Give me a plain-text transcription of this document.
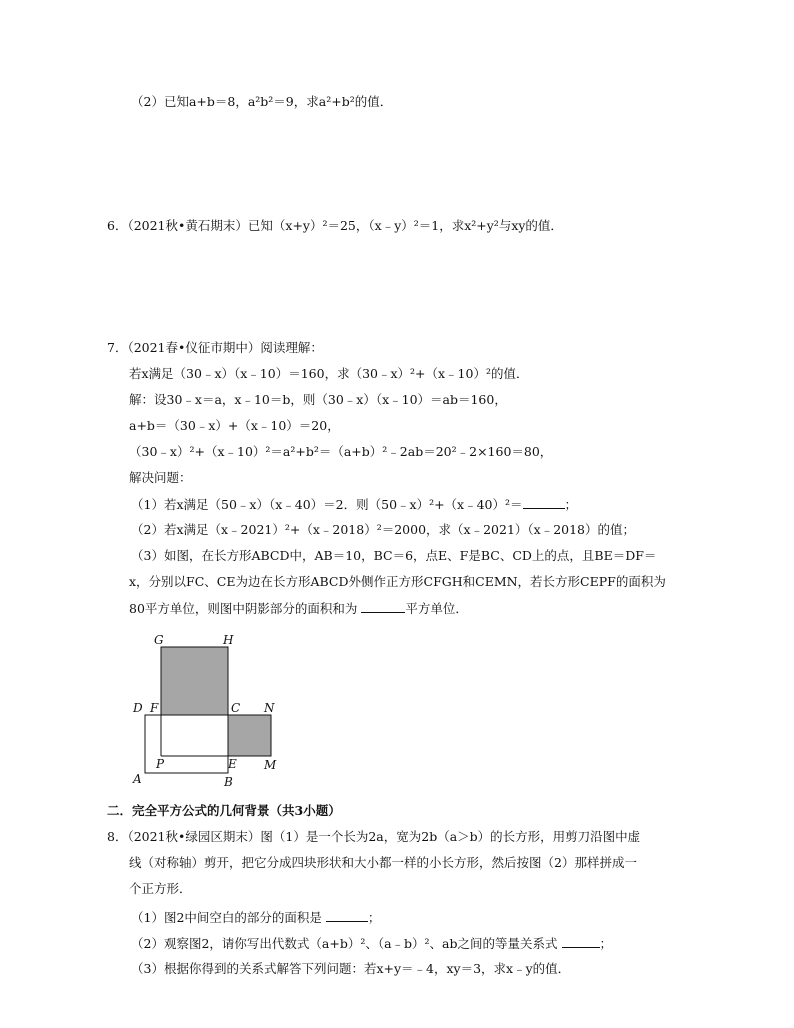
（2）已知a+b＝8，a²b²＝9，求a²+b²的值．
6．（2021秋•黄石期末）已知（x+y）²＝25，（x﹣y）²＝1，求x²+y²与xy的值．
7．（2021春•仪征市期中）阅读理解：
若x满足（30﹣x）（x﹣10）＝160，求（30﹣x）²+（x﹣10）²的值．
解：设30﹣x＝a，x﹣10＝b，则（30﹣x）（x﹣10）＝ab＝160，
a+b＝（30﹣x）+（x﹣10）＝20，
（30﹣x）²+（x﹣10）²＝a²+b²＝（a+b）²﹣2ab＝20²﹣2×160＝80，
解决问题：
（1）若x满足（50﹣x）（x﹣40）＝2．则（50﹣x）²+（x﹣40）²＝	；
（2）若x满足（x﹣2021）²+（x﹣2018）²＝2000，求（x﹣2021）（x﹣2018）的值；
（3）如图，在长方形ABCD中，AB＝10，BC＝6，点E、F是BC、CD上的点，且BE＝DF＝
x，分别以FC、CE为边在长方形ABCD外侧作正方形CFGH和CEMN，若长方形CEPF的面积为
80平方单位，则图中阴影部分的面积和为	平方单位．
G	H
D F	C N
P	E M
A	B
二．完全平方公式的几何背景（共3小题）
8．（2021秋•绿园区期末）图（1）是一个长为2a，宽为2b（a＞b）的长方形，用剪刀沿图中虚
线（对称轴）剪开，把它分成四块形状和大小都一样的小长方形，然后按图（2）那样拼成一
个正方形．
（1）图2中间空白的部分的面积是	；
（2）观察图2，请你写出代数式（a+b）²、（a﹣b）²、ab之间的等量关系式	；
（3）根据你得到的关系式解答下列问题：若x+y＝﹣4，xy＝3，求x﹣y的值．
